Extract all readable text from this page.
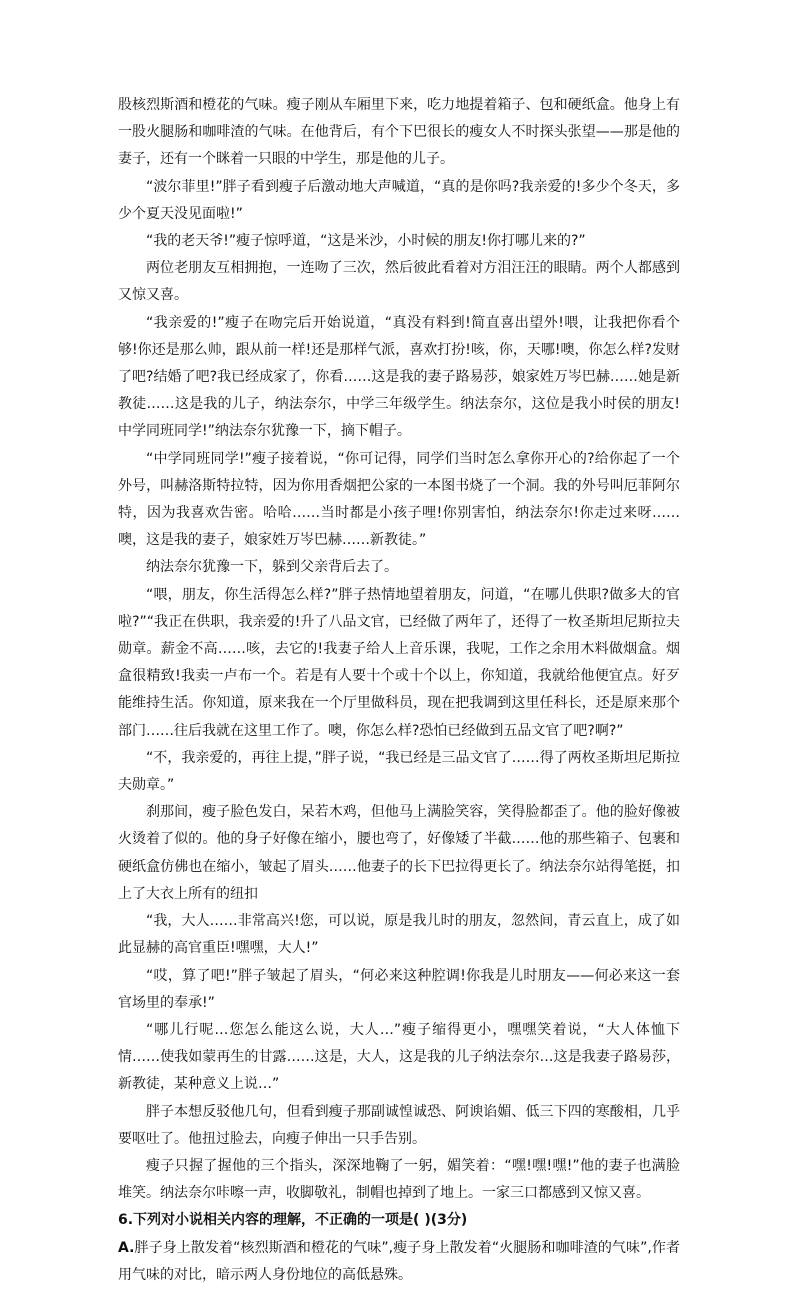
股核烈斯酒和橙花的气味。瘦子刚从车厢里下来，吃力地提着箱子、包和硬纸盒。他身上有一股火腿肠和咖啡渣的气味。在他背后，有个下巴很长的瘦女人不时探头张望——那是他的妻子，还有一个眯着一只眼的中学生，那是他的儿子。

“波尔菲里!”胖子看到瘦子后激动地大声喊道，“真的是你吗?我亲爱的!多少个冬天，多少个夏天没见面啦!”

“我的老天爷!”瘦子惊呼道，“这是米沙，小时候的朋友!你打哪儿来的?”

两位老朋友互相拥抱，一连吻了三次，然后彼此看着对方泪汪汪的眼睛。两个人都感到又惊又喜。

“我亲爱的!”瘦子在吻完后开始说道，“真没有料到!简直喜出望外!喂，让我把你看个够!你还是那么帅，跟从前一样!还是那样气派，喜欢打扮!咳，你，天哪!噢，你怎么样?发财了吧?结婚了吧?我已经成家了，你看……这是我的妻子路易莎，娘家姓万岑巴赫……她是新教徒……这是我的儿子，纳法奈尔，中学三年级学生。纳法奈尔，这位是我小时侯的朋友!中学同班同学!”纳法奈尔犹豫一下，摘下帽子。

“中学同班同学!”瘦子接着说，“你可记得，同学们当时怎么拿你开心的?给你起了一个外号，叫赫洛斯特拉特，因为你用香烟把公家的一本图书烧了一个洞。我的外号叫厄菲阿尔特，因为我喜欢告密。哈哈……当时都是小孩子哩!你别害怕，纳法奈尔!你走过来呀……噢，这是我的妻子，娘家姓万岑巴赫……新教徒。”

纳法奈尔犹豫一下，躲到父亲背后去了。

“喂，朋友，你生活得怎么样?”胖子热情地望着朋友，问道，“在哪儿供职?做多大的官啦?”“我正在供职，我亲爱的!升了八品文官，已经做了两年了，还得了一枚圣斯坦尼斯拉夫勋章。薪金不高……咳，去它的!我妻子给人上音乐课，我呢，工作之余用木料做烟盒。烟盒很精致!我卖一卢布一个。若是有人要十个或十个以上，你知道，我就给他便宜点。好歹能维持生活。你知道，原来我在一个厅里做科员，现在把我调到这里任科长，还是原来那个部门……往后我就在这里工作了。噢，你怎么样?恐怕已经做到五品文官了吧?啊?”

“不，我亲爱的，再往上提，”胖子说，“我已经是三品文官了……得了两枚圣斯坦尼斯拉夫勋章。”

刹那间，瘦子脸色发白，呆若木鸡，但他马上满脸笑容，笑得脸都歪了。他的脸好像被火烫着了似的。他的身子好像在缩小，腰也弯了，好像矮了半截……他的那些箱子、包裹和硬纸盒仿佛也在缩小，皱起了眉头……他妻子的长下巴拉得更长了。纳法奈尔站得笔挺，扣上了大衣上所有的纽扣

“我，大人……非常高兴!您，可以说，原是我儿时的朋友，忽然间，青云直上，成了如此显赫的高官重臣!嘿嘿，大人!”

“哎，算了吧!”胖子皱起了眉头，“何必来这种腔调!你我是儿时朋友——何必来这一套官场里的奉承!”

“哪儿行呢…您怎么能这么说，大人…”瘦子缩得更小，嘿嘿笑着说，“大人体恤下情……使我如蒙再生的甘露……这是，大人，这是我的儿子纳法奈尔…这是我妻子路易莎，新教徒，某种意义上说…”

胖子本想反驳他几句，但看到瘦子那副诚惶诚恐、阿谀谄媚、低三下四的寒酸相，几乎要呕吐了。他扭过脸去，向瘦子伸出一只手告别。

瘦子只握了握他的三个指头，深深地鞠了一躬，媚笑着：“嘿!嘿!嘿!”他的妻子也满脸堆笑。纳法奈尔咔嚓一声，收脚敬礼，制帽也掉到了地上。一家三口都感到又惊又喜。

6.下列对小说相关内容的理解，不正确的一项是( )(3分)

A.胖子身上散发着“核烈斯酒和橙花的气味”,瘦子身上散发着“火腿肠和咖啡渣的气味”,作者用气味的对比，暗示两人身份地位的高低悬殊。
